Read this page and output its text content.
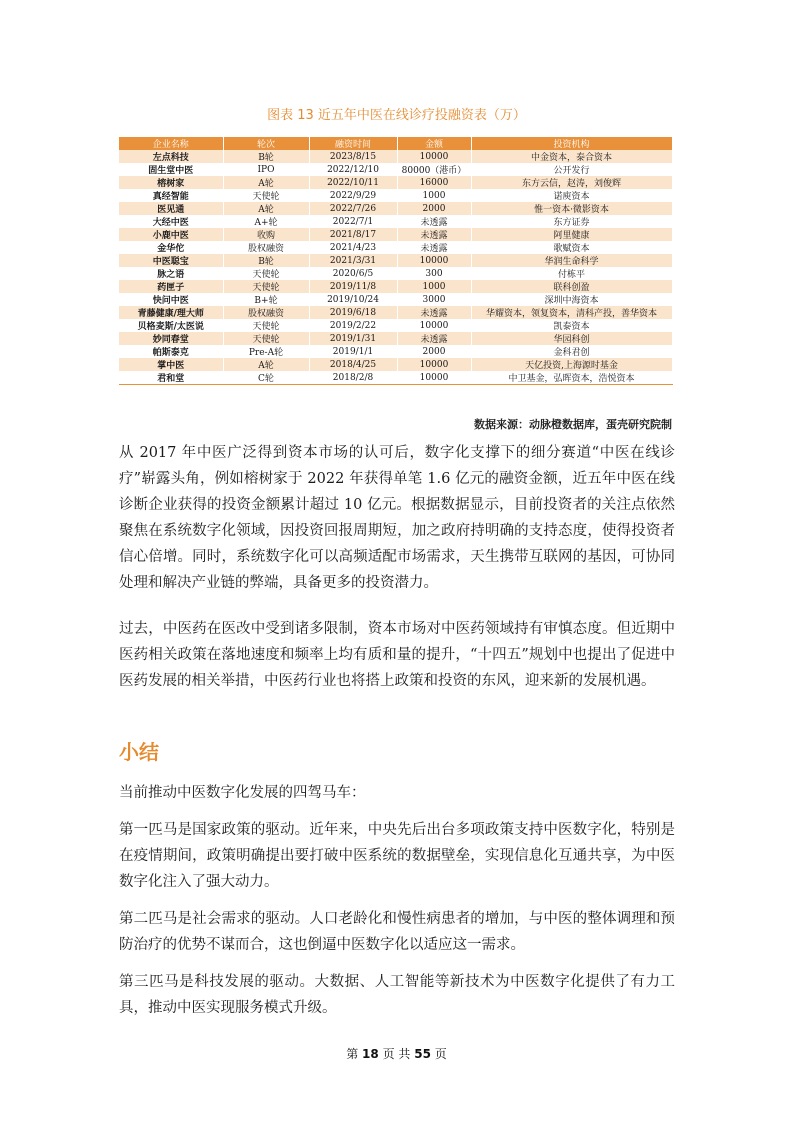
图表 13 近五年中医在线诊疗投融资表（万）
企业名称	轮次	融资时间	金额	投资机构
左点科技	B轮	2023/8/15	10000	中金资本，泰合资本
固生堂中医	IPO	2022/12/10	80000（港币）	公开发行
榕树家	A轮	2022/10/11	16000	东方云信，赵涛，刘俊辉
真经智能	天使轮	2022/9/29	1000	诺庾资本
医见通	A轮	2022/7/26	2000	惟一资本·微影资本
大经中医	A+轮	2022/7/1	未透露	东方证券
小鹿中医	收购	2021/8/17	未透露	阿里健康
金华佗	股权融资	2021/4/23	未透露	歌赋资本
中医聪宝	B轮	2021/3/31	10000	华润生命科学
脉之语	天使轮	2020/6/5	300	付栋平
药匣子	天使轮	2019/11/8	1000	联科创盈
快问中医	B+轮	2019/10/24	3000	深圳中海资本
青藤健康/理大师	股权融资	2019/6/18	未透露	华耀资本，领复资本，清科产投，善华资本
贝格麦斯/太医说	天使轮	2019/2/22	10000	凯泰资本
妙同春堂	天使轮	2019/1/31	未透露	华园科创
帕斯泰克	Pre-A轮	2019/1/1	2000	金科君创
掌中医	A轮	2018/4/25	10000	天亿投资,上海源时基金
君和堂	C轮	2018/2/8	10000	中卫基金，弘晖资本，浩悦资本
数据来源：动脉橙数据库，蛋壳研究院制

从 2017 年中医广泛得到资本市场的认可后，数字化支撑下的细分赛道“中医在线诊疗”崭露头角，例如榕树家于 2022 年获得单笔 1.6 亿元的融资金额，近五年中医在线诊断企业获得的投资金额累计超过 10 亿元。根据数据显示，目前投资者的关注点依然聚焦在系统数字化领域，因投资回报周期短，加之政府持明确的支持态度，使得投资者信心倍增。同时，系统数字化可以高频适配市场需求，天生携带互联网的基因，可协同处理和解决产业链的弊端，具备更多的投资潜力。

过去，中医药在医改中受到诸多限制，资本市场对中医药领域持有审慎态度。但近期中医药相关政策在落地速度和频率上均有质和量的提升，“十四五”规划中也提出了促进中医药发展的相关举措，中医药行业也将搭上政策和投资的东风，迎来新的发展机遇。

小结

当前推动中医数字化发展的四驾马车：

第一匹马是国家政策的驱动。近年来，中央先后出台多项政策支持中医数字化，特别是在疫情期间，政策明确提出要打破中医系统的数据壁垒，实现信息化互通共享，为中医数字化注入了强大动力。

第二匹马是社会需求的驱动。人口老龄化和慢性病患者的增加，与中医的整体调理和预防治疗的优势不谋而合，这也倒逼中医数字化以适应这一需求。

第三匹马是科技发展的驱动。大数据、人工智能等新技术为中医数字化提供了有力工具，推动中医实现服务模式升级。

第 18 页 共 55 页
